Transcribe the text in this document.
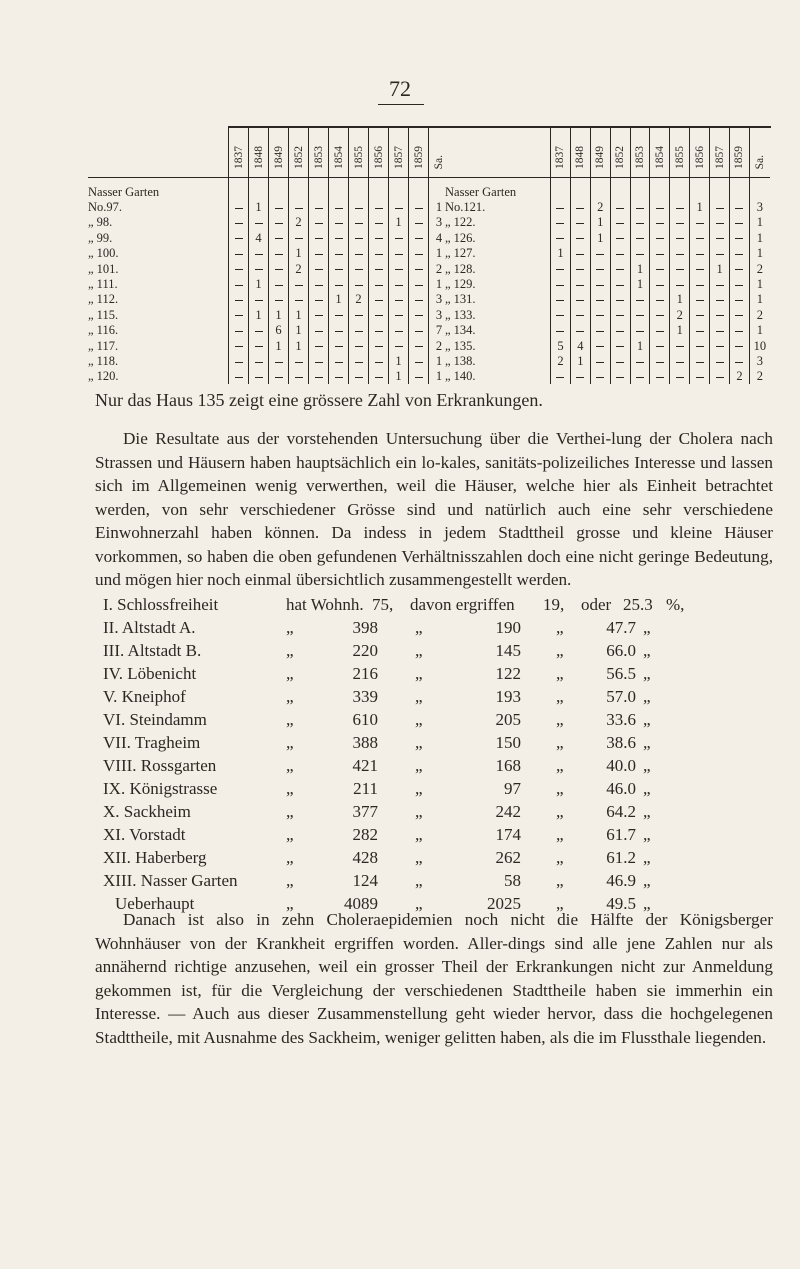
72
	1837	1848	1849	1852	1853	1854	1855	1856	1857	1859	Sa.
Nasser Garten											
No.97.		1									1
„ 98.				2					1		3
„ 99.		4									4
„ 100.				1							1
„ 101.				2							2
„ 111.		1									1
„ 112.						1	2				3
„ 115.		1	1	1							3
„ 116.			6	1							7
„ 117.			1	1							2
„ 118.									1		1
„ 120.									1		1
	1837	1848	1849	1852	1853	1854	1855	1856	1857	1859	Sa.
Nasser Garten											
No.121.			2					1			3
„ 122.			1								1
„ 126.			1								1
„ 127.	1										1
„ 128.					1				1		2
„ 129.					1						1
„ 131.							1				1
„ 133.							2				2
„ 134.							1				1
„ 135.	5	4			1						10
„ 138.	2	1									3
„ 140.										2	2
Nur das Haus 135 zeigt eine grössere Zahl von Erkrankungen.

Die Resultate aus der vorstehenden Untersuchung über die Verthei-lung der Cholera nach Strassen und Häusern haben hauptsächlich ein lo-kales, sanitäts-polizeiliches Interesse und lassen sich im Allgemeinen wenig verwerthen, weil die Häuser, welche hier als Einheit betrachtet werden, von sehr verschiedener Grösse sind und natürlich auch eine sehr verschiedene Einwohnerzahl haben können. Da indess in jedem Stadttheil grosse und kleine Häuser vorkommen, so haben die oben gefundenen Verhältnisszahlen doch eine nicht geringe Bedeutung, und mögen hier noch einmal übersichtlich zusammengestellt werden.

I. Schlossfreiheit	hat Wohnh. 75, davon ergriffen 19, oder 25.3 %,
II. Altstadt A.	„	398 „	190 „	47.7 „
III. Altstadt B.	„	220 „	145 „	66.0 „
IV. Löbenicht	„	216 „	122 „	56.5 „
V. Kneiphof	„	339 „	193 „	57.0 „
VI. Steindamm	„	610 „	205 „	33.6 „
VII. Tragheim	„	388 „	150 „	38.6 „
VIII. Rossgarten	„	421 „	168 „	40.0 „
IX. Königstrasse	„	211 „	97 „	46.0 „
X. Sackheim	„	377 „	242 „	64.2 „
XI. Vorstadt	„	282 „	174 „	61.7 „
XII. Haberberg	„	428 „	262 „	61.2 „
XIII. Nasser Garten	„	124 „	58 „	46.9 „
Ueberhaupt	„	4089 „	2025 „	49.5 „

Danach ist also in zehn Choleraepidemien noch nicht die Hälfte der Königsberger Wohnhäuser von der Krankheit ergriffen worden. Aller-dings sind alle jene Zahlen nur als annähernd richtige anzusehen, weil ein grosser Theil der Erkrankungen nicht zur Anmeldung gekommen ist, für die Vergleichung der verschiedenen Stadttheile haben sie immerhin ein Interesse. — Auch aus dieser Zusammenstellung geht wieder hervor, dass die hochgelegenen Stadttheile, mit Ausnahme des Sackheim, weniger gelitten haben, als die im Flussthale liegenden.
